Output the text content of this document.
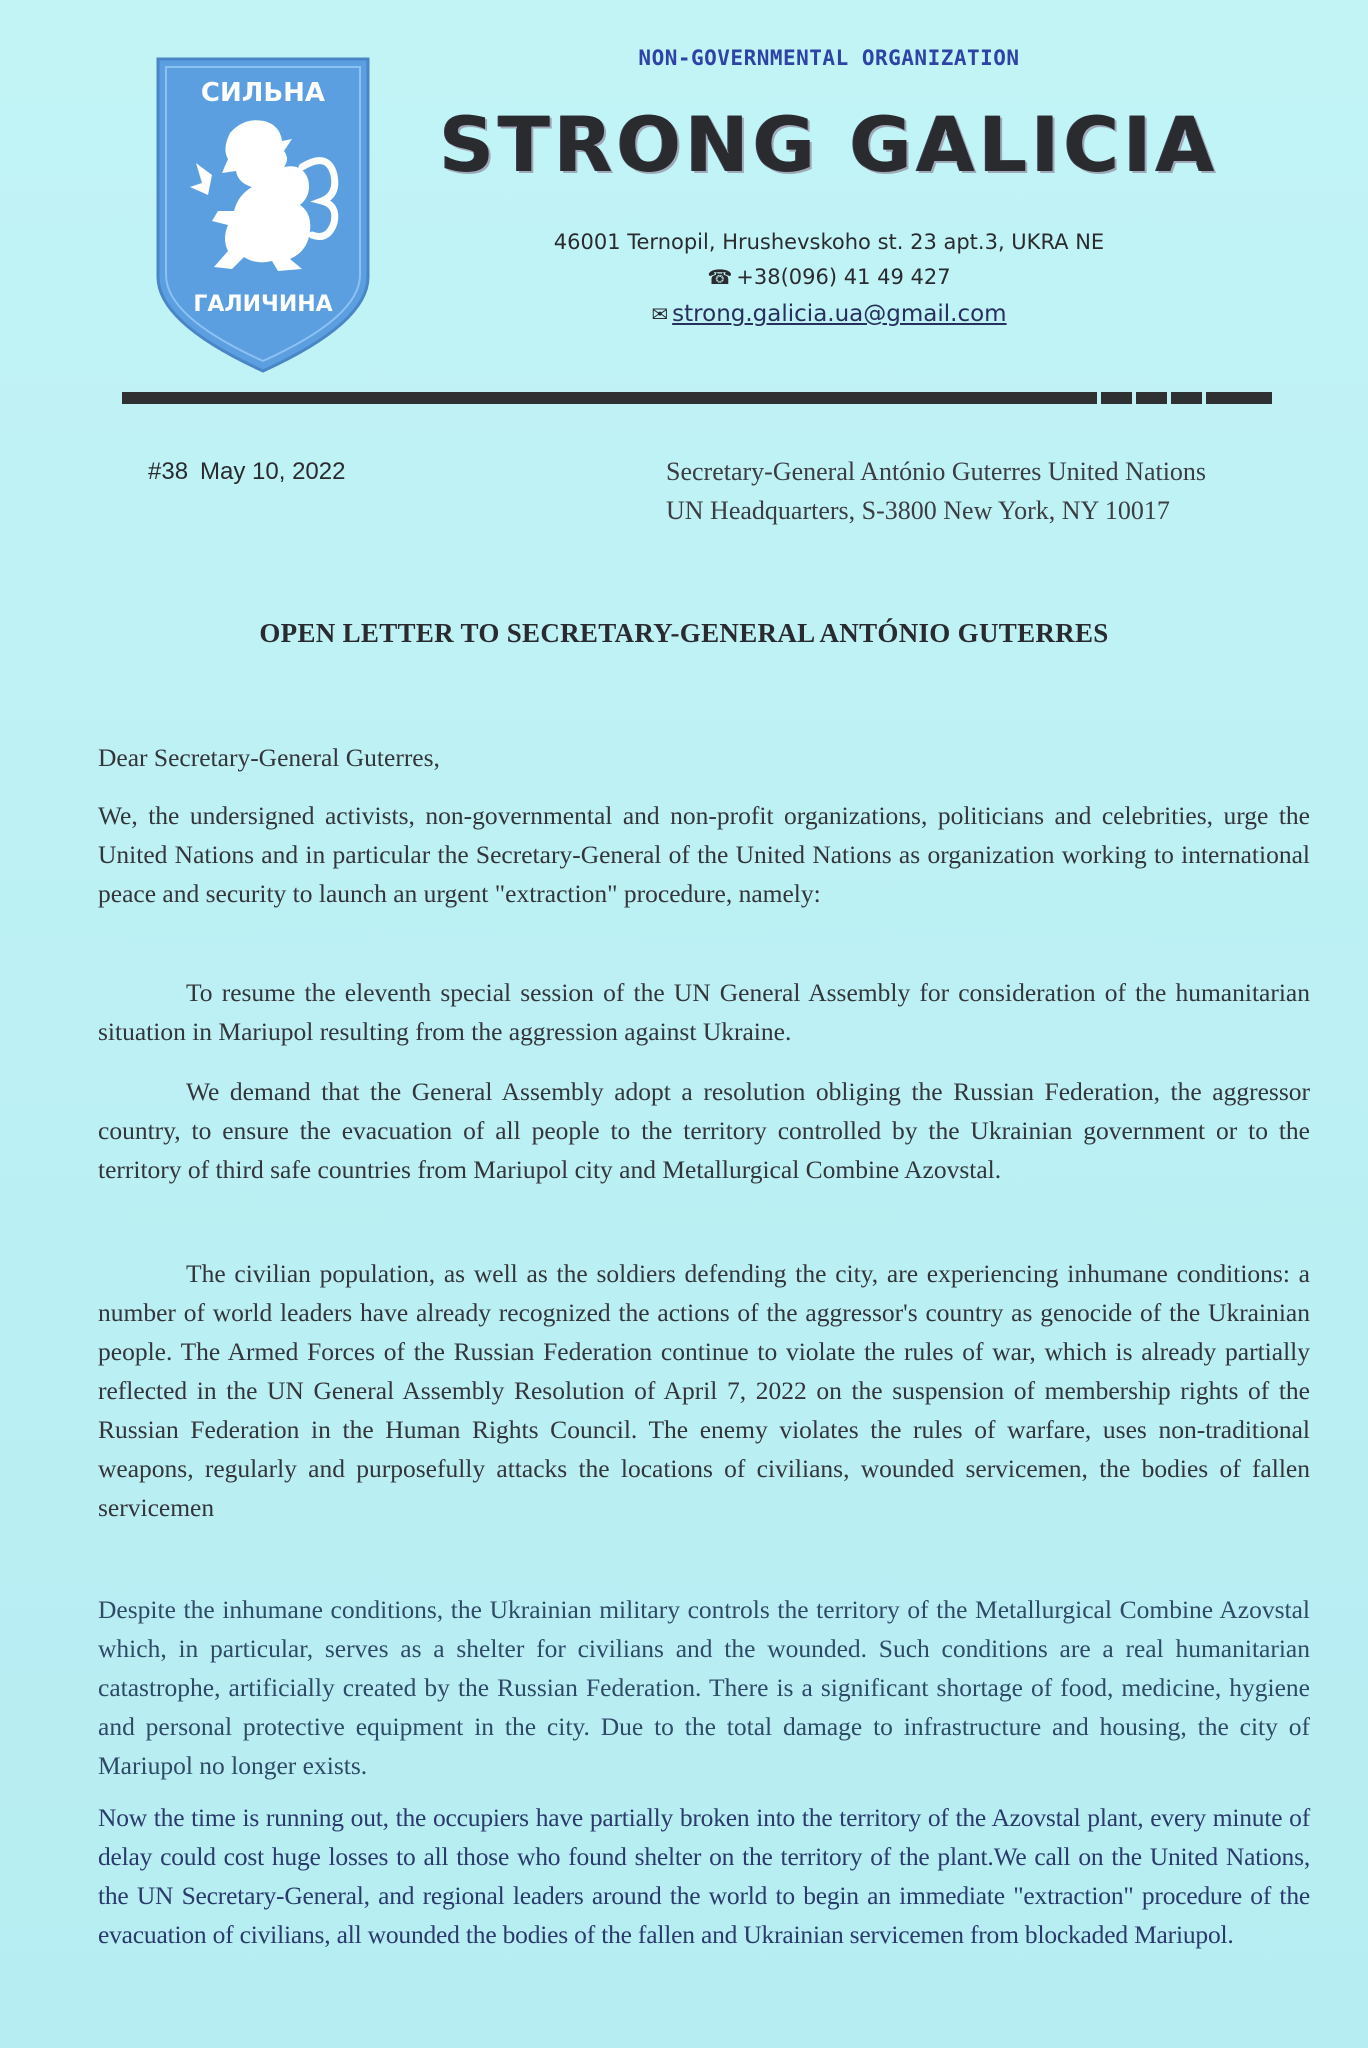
СИЛЬНА
ГАЛИЧИНА
NON-GOVERNMENTAL ORGANIZATION
STRONG GALICIA
46001 Ternopil, Hrushevskoho st. 23 apt.3, UKRA NE
☎ +38(096) 41 49 427
✉ strong.galicia.ua@gmail.com
#38 May 10, 2022	Secretary-General António Guterres United Nations
UN Headquarters, S-3800 New York, NY 10017
OPEN LETTER TO SECRETARY-GENERAL ANTÓNIO GUTERRES
Dear Secretary-General Guterres,
We, the undersigned activists, non-governmental and non-profit organizations, politicians and celebrities, urge the United Nations and in particular the Secretary-General of the United Nations as organization working to international peace and security to launch an urgent "extraction" procedure, namely:
To resume the eleventh special session of the UN General Assembly for consideration of the humanitarian situation in Mariupol resulting from the aggression against Ukraine.
We demand that the General Assembly adopt a resolution obliging the Russian Federation, the aggressor country, to ensure the evacuation of all people to the territory controlled by the Ukrainian government or to the territory of third safe countries from Mariupol city and Metallurgical Combine Azovstal.
The civilian population, as well as the soldiers defending the city, are experiencing inhumane conditions: a number of world leaders have already recognized the actions of the aggressor's country as genocide of the Ukrainian people. The Armed Forces of the Russian Federation continue to violate the rules of war, which is already partially reflected in the UN General Assembly Resolution of April 7, 2022 on the suspension of membership rights of the Russian Federation in the Human Rights Council. The enemy violates the rules of warfare, uses non-traditional weapons, regularly and purposefully attacks the locations of civilians, wounded servicemen, the bodies of fallen servicemen
Despite the inhumane conditions, the Ukrainian military controls the territory of the Metallurgical Combine Azovstal which, in particular, serves as a shelter for civilians and the wounded. Such conditions are a real humanitarian catastrophe, artificially created by the Russian Federation. There is a significant shortage of food, medicine, hygiene and personal protective equipment in the city. Due to the total damage to infrastructure and housing, the city of Mariupol no longer exists.
Now the time is running out, the occupiers have partially broken into the territory of the Azovstal plant, every minute of delay could cost huge losses to all those who found shelter on the territory of the plant.We call on the United Nations, the UN Secretary-General, and regional leaders around the world to begin an immediate "extraction" procedure of the evacuation of civilians, all wounded the bodies of the fallen and Ukrainian servicemen from blockaded Mariupol.
